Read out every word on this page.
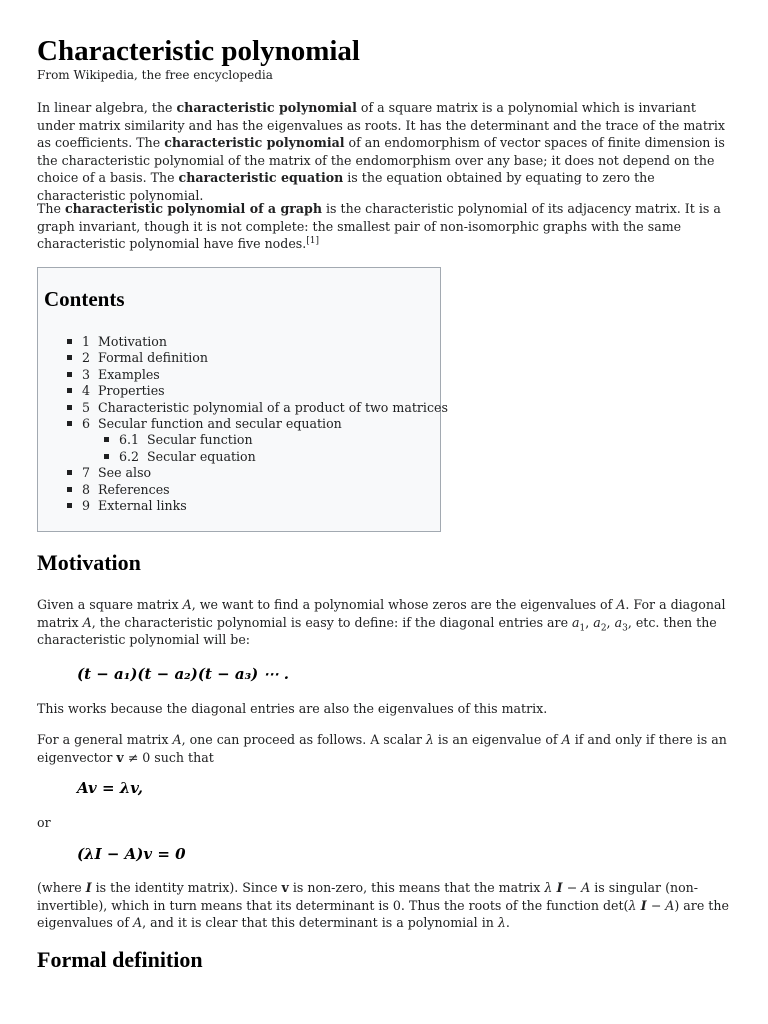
Characteristic polynomial
From Wikipedia, the free encyclopedia

In linear algebra, the characteristic polynomial of a square matrix is a polynomial which is invariant under matrix similarity and has the eigenvalues as roots. It has the determinant and the trace of the matrix as coefficients. The characteristic polynomial of an endomorphism of vector spaces of finite dimension is the characteristic polynomial of the matrix of the endomorphism over any base; it does not depend on the choice of a basis. The characteristic equation is the equation obtained by equating to zero the characteristic polynomial.

The characteristic polynomial of a graph is the characteristic polynomial of its adjacency matrix. It is a graph invariant, though it is not complete: the smallest pair of non-isomorphic graphs with the same characteristic polynomial have five nodes.[1]

Contents
1 Motivation
2 Formal definition
3 Examples
4 Properties
5 Characteristic polynomial of a product of two matrices
6 Secular function and secular equation
6.1 Secular function
6.2 Secular equation
7 See also
8 References
9 External links
Motivation

Given a square matrix A, we want to find a polynomial whose zeros are the eigenvalues of A. For a diagonal matrix A, the characteristic polynomial is easy to define: if the diagonal entries are $a_1$, $a_2$, $a_3$, etc. then the characteristic polynomial will be:

(t − a₁)(t − a₂)(t − a₃) ⋯ .

This works because the diagonal entries are also the eigenvalues of this matrix.

For a general matrix A, one can proceed as follows. A scalar λ is an eigenvalue of A if and only if there is an eigenvector v ≠ 0 such that

Av = λv,

or

(λI − A)v = 0

(where I is the identity matrix). Since v is non-zero, this means that the matrix λ I − A is singular (non-invertible), which in turn means that its determinant is 0. Thus the roots of the function det(λ I − A) are the eigenvalues of A, and it is clear that this determinant is a polynomial in λ.

Formal definition
